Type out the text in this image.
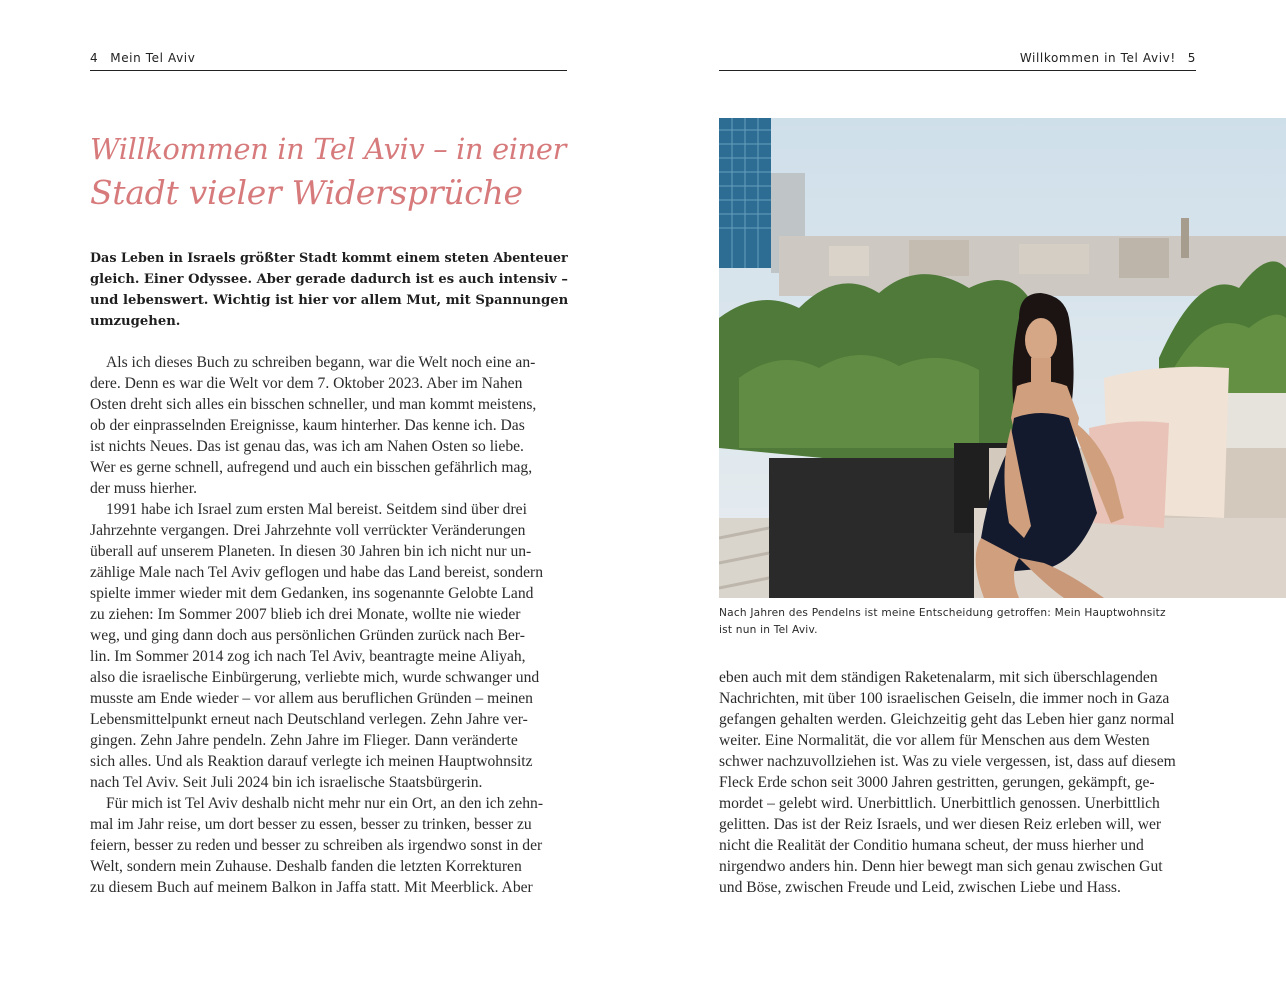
4 Mein Tel Aviv
Willkommen in Tel Aviv – in einer
Stadt vieler Widersprüche
Das Leben in Israels größter Stadt kommt einem steten Abenteuer
gleich. Einer Odyssee. Aber gerade dadurch ist es auch intensiv –
und lebenswert. Wichtig ist hier vor allem Mut, mit Spannungen
umzugehen.
Als ich dieses Buch zu schreiben begann, war die Welt noch eine an-
dere. Denn es war die Welt vor dem 7. Oktober 2023. Aber im Nahen
Osten dreht sich alles ein bisschen schneller, und man kommt meistens,
ob der einprasselnden Ereignisse, kaum hinterher. Das kenne ich. Das
ist nichts Neues. Das ist genau das, was ich am Nahen Osten so liebe.
Wer es gerne schnell, aufregend und auch ein bisschen gefährlich mag,
der muss hierher.
1991 habe ich Israel zum ersten Mal bereist. Seitdem sind über drei
Jahrzehnte vergangen. Drei Jahrzehnte voll verrückter Veränderungen
überall auf unserem Planeten. In diesen 30 Jahren bin ich nicht nur un-
zählige Male nach Tel Aviv geflogen und habe das Land bereist, sondern
spielte immer wieder mit dem Gedanken, ins sogenannte Gelobte Land
zu ziehen: Im Sommer 2007 blieb ich drei Monate, wollte nie wieder
weg, und ging dann doch aus persönlichen Gründen zurück nach Ber-
lin. Im Sommer 2014 zog ich nach Tel Aviv, beantragte meine Aliyah,
also die israelische Einbürgerung, verliebte mich, wurde schwanger und
musste am Ende wieder – vor allem aus beruflichen Gründen – meinen
Lebensmittelpunkt erneut nach Deutschland verlegen. Zehn Jahre ver-
gingen. Zehn Jahre pendeln. Zehn Jahre im Flieger. Dann veränderte
sich alles. Und als Reaktion darauf verlegte ich meinen Hauptwohnsitz
nach Tel Aviv. Seit Juli 2024 bin ich israelische Staatsbürgerin.
Für mich ist Tel Aviv deshalb nicht mehr nur ein Ort, an den ich zehn-
mal im Jahr reise, um dort besser zu essen, besser zu trinken, besser zu
feiern, besser zu reden und besser zu schreiben als irgendwo sonst in der
Welt, sondern mein Zuhause. Deshalb fanden die letzten Korrekturen
zu diesem Buch auf meinem Balkon in Jaffa statt. Mit Meerblick. Aber
Willkommen in Tel Aviv! 5
Nach Jahren des Pendelns ist meine Entscheidung getroffen: Mein Hauptwohnsitz
ist nun in Tel Aviv.
eben auch mit dem ständigen Raketenalarm, mit sich überschlagenden
Nachrichten, mit über 100 israelischen Geiseln, die immer noch in Gaza
gefangen gehalten werden. Gleichzeitig geht das Leben hier ganz normal
weiter. Eine Normalität, die vor allem für Menschen aus dem Westen
schwer nachzuvollziehen ist. Was zu viele vergessen, ist, dass auf diesem
Fleck Erde schon seit 3000 Jahren gestritten, gerungen, gekämpft, ge-
mordet – gelebt wird. Unerbittlich. Unerbittlich genossen. Unerbittlich
gelitten. Das ist der Reiz Israels, und wer diesen Reiz erleben will, wer
nicht die Realität der Conditio humana scheut, der muss hierher und
nirgendwo anders hin. Denn hier bewegt man sich genau zwischen Gut
und Böse, zwischen Freude und Leid, zwischen Liebe und Hass.
